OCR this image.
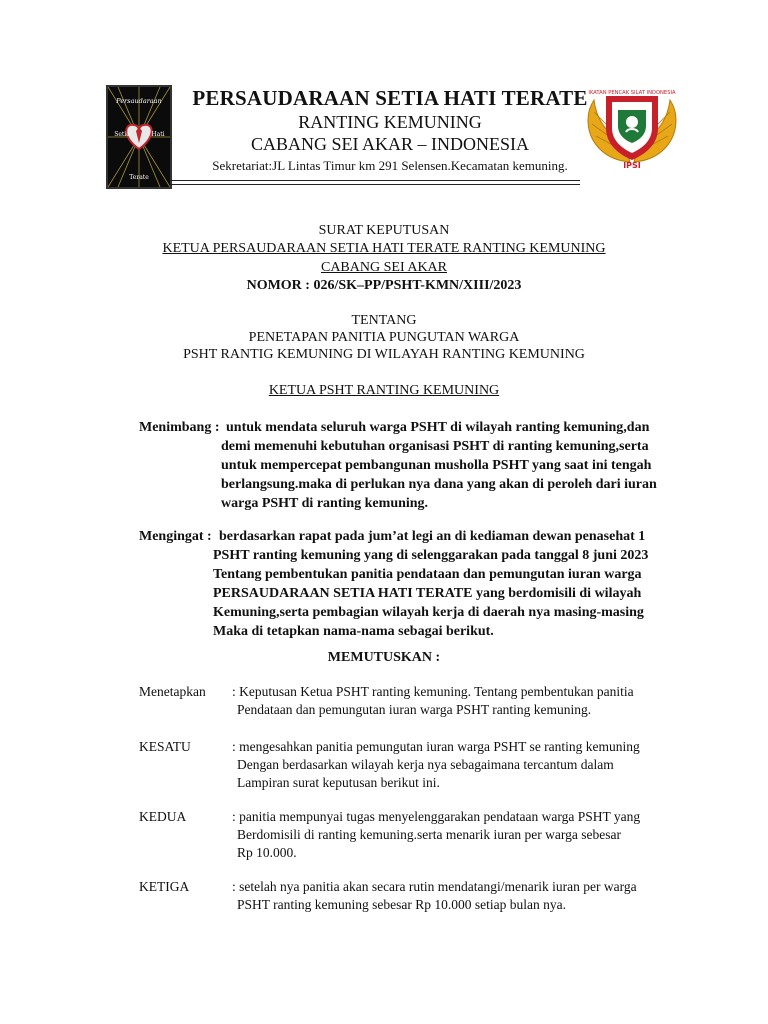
Persaudaraan
Setia	Hati
Terate
PERSAUDARAAN SETIA HATI TERATE
RANTING KEMUNING
CABANG SEI AKAR – INDONESIA
Sekretariat:JL Lintas Timur km 291 Selensen.Kecamatan kemuning.
IKATAN PENCAK SILAT INDONESIA
IPSI
SURAT KEPUTUSAN
KETUA PERSAUDARAAN SETIA HATI TERATE RANTING KEMUNING
CABANG SEI AKAR
NOMOR : 026/SK–PP/PSHT-KMN/XIII/2023
TENTANG
PENETAPAN PANITIA PUNGUTAN WARGA
PSHT RANTIG KEMUNING DI WILAYAH RANTING KEMUNING
KETUA PSHT RANTING KEMUNING
Menimbang : untuk mendata seluruh warga PSHT di wilayah ranting kemuning,dan
demi memenuhi kebutuhan organisasi PSHT di ranting kemuning,serta
untuk mempercepat pembangunan musholla PSHT yang saat ini tengah
berlangsung.maka di perlukan nya dana yang akan di peroleh dari iuran
warga PSHT di ranting kemuning.
Mengingat : berdasarkan rapat pada jum’at legi an di kediaman dewan penasehat 1
PSHT ranting kemuning yang di selenggarakan pada tanggal 8 juni 2023
Tentang pembentukan panitia pendataan dan pemungutan iuran warga
PERSAUDARAAN SETIA HATI TERATE yang berdomisili di wilayah
Kemuning,serta pembagian wilayah kerja di daerah nya masing-masing
Maka di tetapkan nama-nama sebagai berikut.
MEMUTUSKAN :
Menetapkan : Keputusan Ketua PSHT ranting kemuning. Tentang pembentukan panitia
Pendataan dan pemungutan iuran warga PSHT ranting kemuning.
KESATU	: mengesahkan panitia pemungutan iuran warga PSHT se ranting kemuning
Dengan berdasarkan wilayah kerja nya sebagaimana tercantum dalam
Lampiran surat keputusan berikut ini.
KEDUA	: panitia mempunyai tugas menyelenggarakan pendataan warga PSHT yang
Berdomisili di ranting kemuning.serta menarik iuran per warga sebesar
Rp 10.000.
KETIGA	: setelah nya panitia akan secara rutin mendatangi/menarik iuran per warga
PSHT ranting kemuning sebesar Rp 10.000 setiap bulan nya.
